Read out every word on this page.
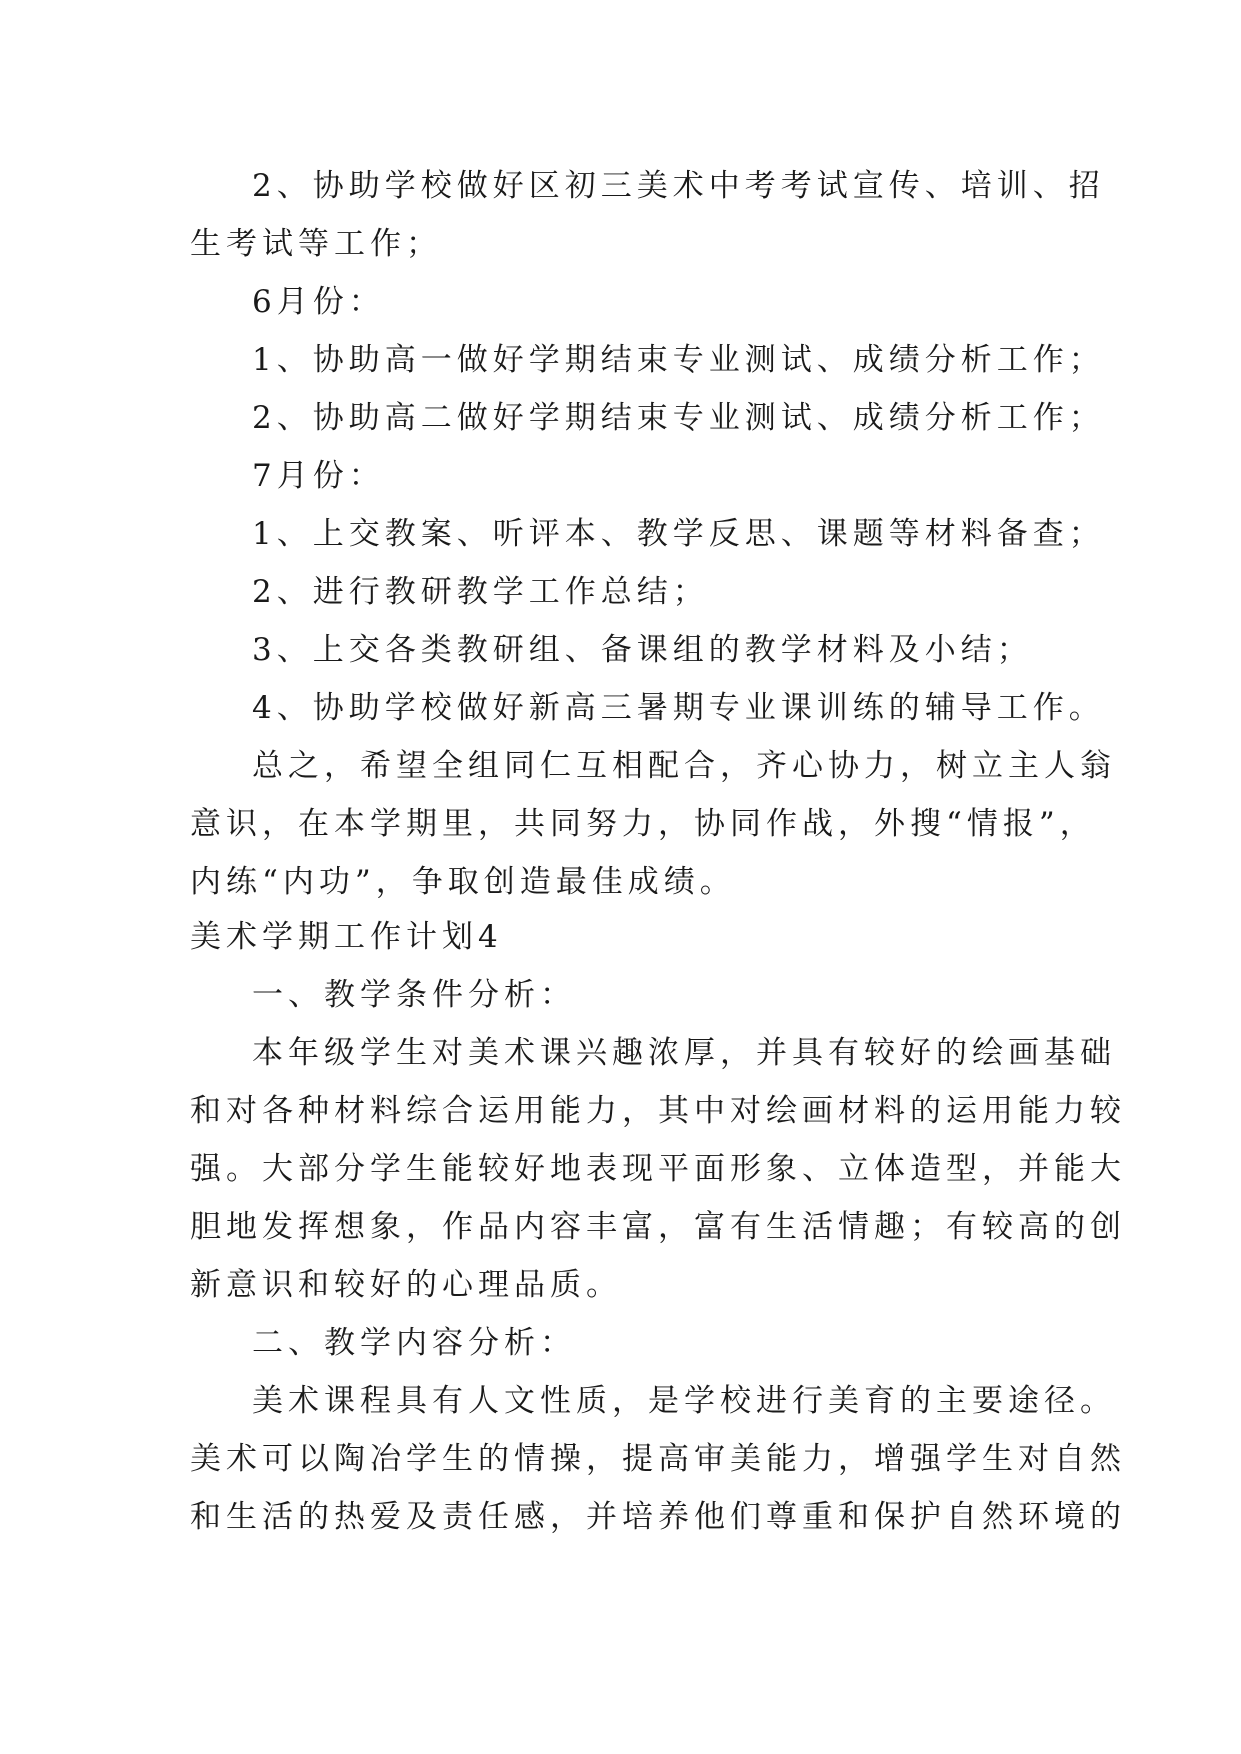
2、协助学校做好区初三美术中考考试宣传、培训、招
生考试等工作；
6月份：
1、协助高一做好学期结束专业测试、成绩分析工作；
2、协助高二做好学期结束专业测试、成绩分析工作；
7月份：
1、上交教案、听评本、教学反思、课题等材料备查；
2、进行教研教学工作总结；
3、上交各类教研组、备课组的教学材料及小结；
4、协助学校做好新高三暑期专业课训练的辅导工作。
总之，希望全组同仁互相配合，齐心协力，树立主人翁
意识，在本学期里，共同努力，协同作战，外搜“情报”，
内练“内功”，争取创造最佳成绩。
美术学期工作计划4
一、教学条件分析：
本年级学生对美术课兴趣浓厚，并具有较好的绘画基础
和对各种材料综合运用能力，其中对绘画材料的运用能力较
强。大部分学生能较好地表现平面形象、立体造型，并能大
胆地发挥想象，作品内容丰富，富有生活情趣；有较高的创
新意识和较好的心理品质。
二、教学内容分析：
美术课程具有人文性质，是学校进行美育的主要途径。
美术可以陶冶学生的情操，提高审美能力，增强学生对自然
和生活的热爱及责任感，并培养他们尊重和保护自然环境的
